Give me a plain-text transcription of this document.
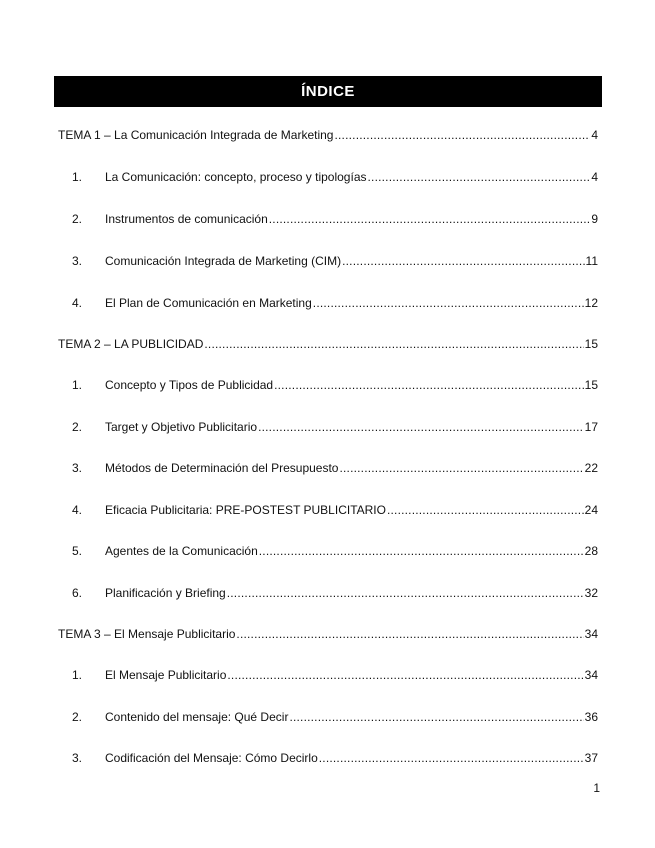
ÍNDICE
TEMA 1 – La Comunicación Integrada de Marketing .....	4
1.	La Comunicación: concepto, proceso y tipologías .....	4
2.	Instrumentos de comunicación .....	9
3.	Comunicación Integrada de Marketing (CIM) .....	11
4.	El Plan de Comunicación en Marketing .....	12
TEMA 2 – LA PUBLICIDAD .....	15
1.	Concepto y Tipos de Publicidad .....	15
2.	Target y Objetivo Publicitario .....	17
3.	Métodos de Determinación del Presupuesto .....	22
4.	Eficacia Publicitaria: PRE-POSTEST PUBLICITARIO .....	24
5.	Agentes de la Comunicación .....	28
6.	Planificación y Briefing .....	32
TEMA 3 – El Mensaje Publicitario .....	34
1.	El Mensaje Publicitario .....	34
2.	Contenido del mensaje: Qué Decir .....	36
3.	Codificación del Mensaje: Cómo Decirlo .....	37
1
